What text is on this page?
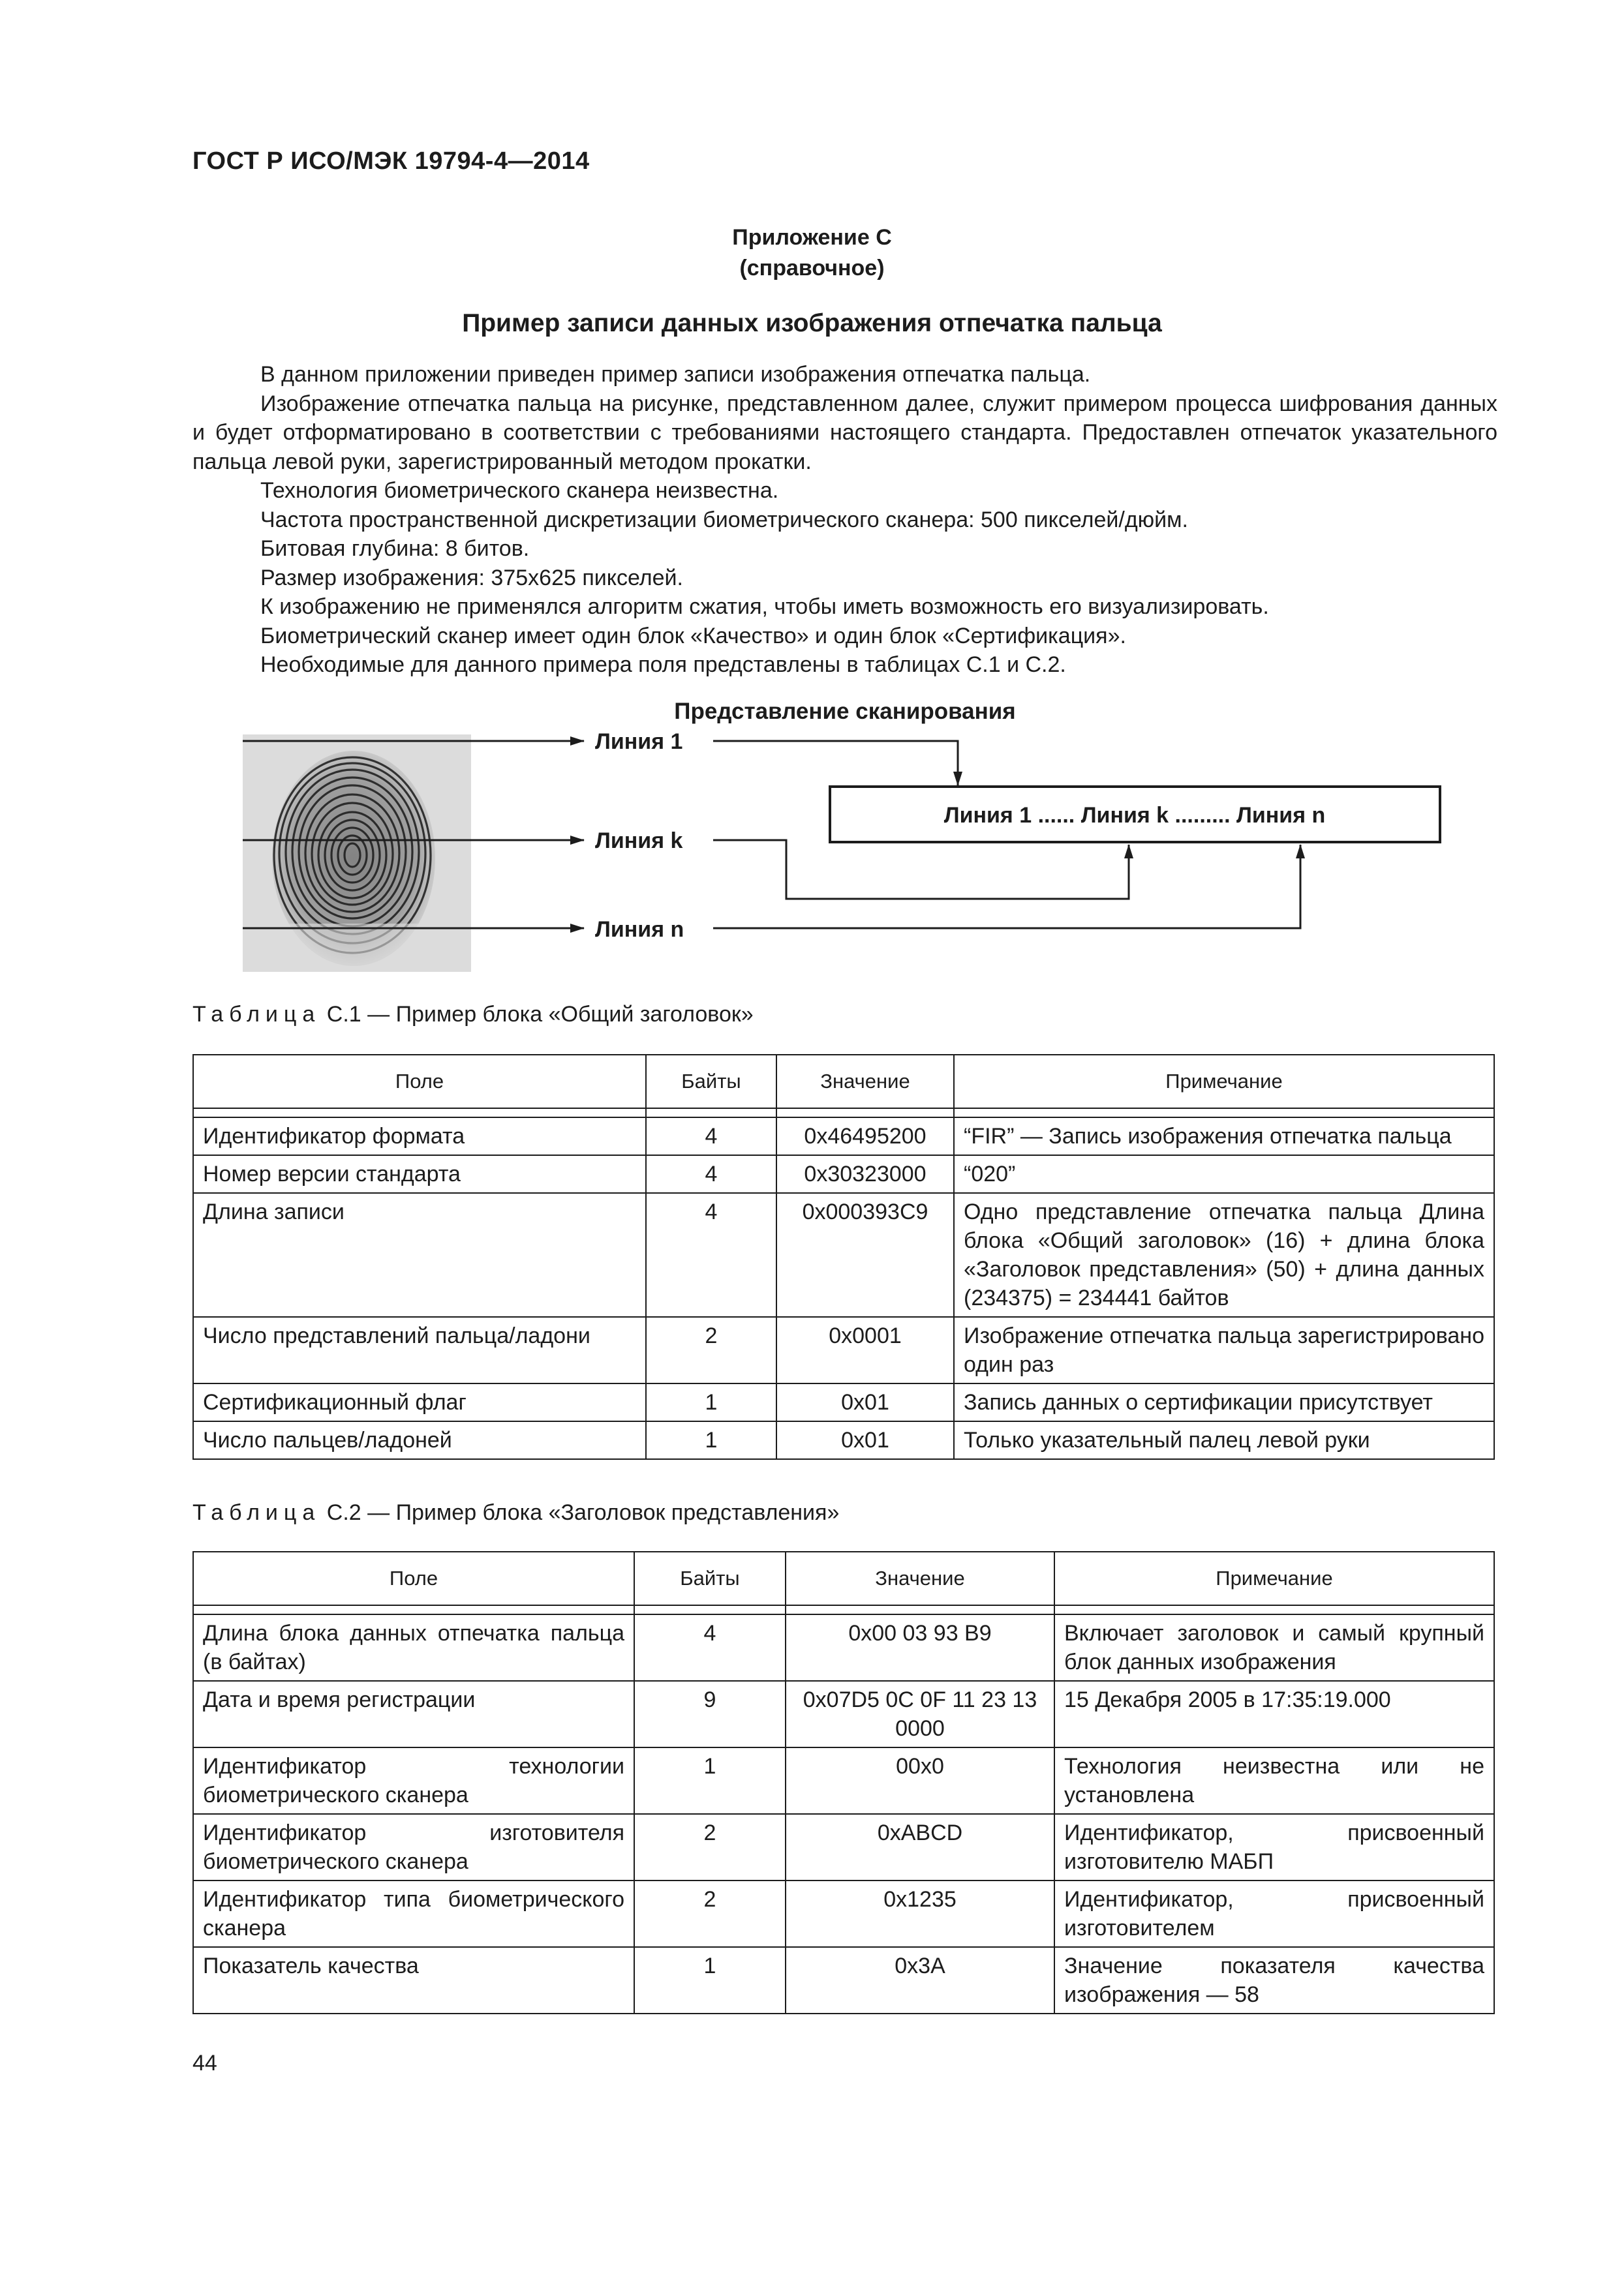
ГОСТ Р ИСО/МЭК 19794-4—2014
Приложение С
(справочное)
Пример записи данных изображения отпечатка пальца

В данном приложении приведен пример записи изображения отпечатка пальца.

Изображение отпечатка пальца на рисунке, представленном далее, служит примером процесса шифрования данных и будет отформатировано в соответствии с требованиями настоящего стандарта. Предоставлен отпечаток указательного пальца левой руки, зарегистрированный методом прокатки.

Технология биометрического сканера неизвестна.

Частота пространственной дискретизации биометрического сканера: 500 пикселей/дюйм.

Битовая глубина: 8 битов.

Размер изображения: 375x625 пикселей.

К изображению не применялся алгоритм сжатия, чтобы иметь возможность его визуализировать.

Биометрический сканер имеет один блок «Качество» и один блок «Сертификация».

Необходимые для данного примера поля представлены в таблицах С.1 и С.2.

Представление сканирования
Линия 1
Линия k
Линия n
Линия 1 ...... Линия k ......... Линия n
Таблица С.1 — Пример блока «Общий заголовок»
Поле	Байты	Значение	Примечание

Идентификатор формата	4	0x46495200	“FIR” — Запись изображения отпечатка пальца
Номер версии стандарта	4	0x30323000	“020”
Длина записи	4	0x000393C9	Одно представление отпечатка пальца Длина блока «Общий заголовок» (16) + длина блока «Заголовок представления» (50) + длина данных (234375) = 234441 байтов
Число представлений пальца/ладони	2	0x0001	Изображение отпечатка пальца зарегистрировано один раз
Сертификационный флаг	1	0x01	Запись данных о сертификации присутствует
Число пальцев/ладоней	1	0x01	Только указательный палец левой руки
Таблица С.2 — Пример блока «Заголовок представления»
Поле	Байты	Значение	Примечание

Длина блока данных отпечатка пальца (в байтах)	4	0x00 03 93 B9	Включает заголовок и самый крупный блок данных изображения
Дата и время регистрации	9	0x07D5 0C 0F 11 23 13 0000	15 Декабря 2005 в 17:35:19.000
Идентификатор технологии биометрического сканера	1	00x0	Технология неизвестна или не установлена
Идентификатор изготовителя биометрического сканера	2	0xABCD	Идентификатор, присвоенный изготовителю МАБП
Идентификатор типа биометрического сканера	2	0x1235	Идентификатор, присвоенный изготовителем
Показатель качества	1	0x3A	Значение показателя качества изображения — 58
44
